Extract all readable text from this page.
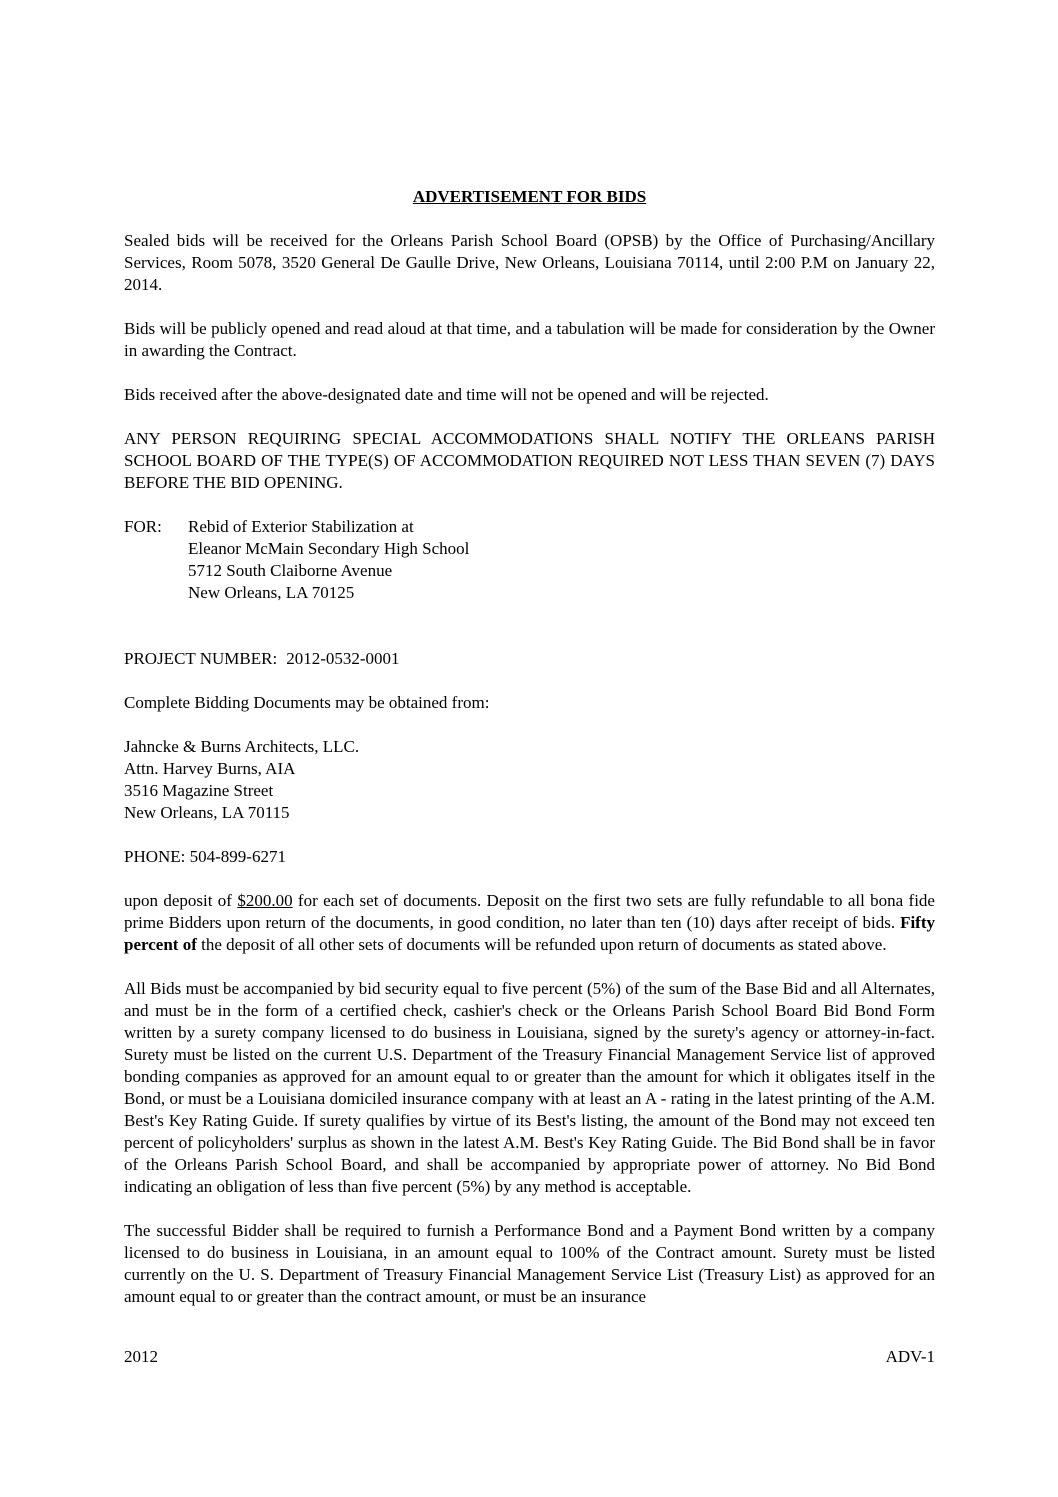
ADVERTISEMENT FOR BIDS

Sealed bids will be received for the Orleans Parish School Board (OPSB) by the Office of Purchasing/Ancillary Services, Room 5078, 3520 General De Gaulle Drive, New Orleans, Louisiana 70114, until 2:00 P.M on January 22, 2014.

Bids will be publicly opened and read aloud at that time, and a tabulation will be made for consideration by the Owner in awarding the Contract.

Bids received after the above-designated date and time will not be opened and will be rejected.

ANY PERSON REQUIRING SPECIAL ACCOMMODATIONS SHALL NOTIFY THE ORLEANS PARISH SCHOOL BOARD OF THE TYPE(S) OF ACCOMMODATION REQUIRED NOT LESS THAN SEVEN (7) DAYS BEFORE THE BID OPENING.

FOR:	Rebid of Exterior Stabilization at
Eleanor McMain Secondary High School
5712 South Claiborne Avenue
New Orleans, LA 70125
PROJECT NUMBER: 2012-0532-0001
Complete Bidding Documents may be obtained from:
Jahncke & Burns Architects, LLC.
Attn. Harvey Burns, AIA
3516 Magazine Street
New Orleans, LA 70115
PHONE: 504-899-6271

upon deposit of $200.00 for each set of documents. Deposit on the first two sets are fully refundable to all bona fide prime Bidders upon return of the documents, in good condition, no later than ten (10) days after receipt of bids. Fifty percent of the deposit of all other sets of documents will be refunded upon return of documents as stated above.

All Bids must be accompanied by bid security equal to five percent (5%) of the sum of the Base Bid and all Alternates, and must be in the form of a certified check, cashier's check or the Orleans Parish School Board Bid Bond Form written by a surety company licensed to do business in Louisiana, signed by the surety's agency or attorney-in-fact. Surety must be listed on the current U.S. Department of the Treasury Financial Management Service list of approved bonding companies as approved for an amount equal to or greater than the amount for which it obligates itself in the Bond, or must be a Louisiana domiciled insurance company with at least an A - rating in the latest printing of the A.M. Best's Key Rating Guide. If surety qualifies by virtue of its Best's listing, the amount of the Bond may not exceed ten percent of policyholders' surplus as shown in the latest A.M. Best's Key Rating Guide. The Bid Bond shall be in favor of the Orleans Parish School Board, and shall be accompanied by appropriate power of attorney. No Bid Bond indicating an obligation of less than five percent (5%) by any method is acceptable.

The successful Bidder shall be required to furnish a Performance Bond and a Payment Bond written by a company licensed to do business in Louisiana, in an amount equal to 100% of the Contract amount. Surety must be listed currently on the U. S. Department of Treasury Financial Management Service List (Treasury List) as approved for an amount equal to or greater than the contract amount, or must be an insurance

2012	ADV-1
